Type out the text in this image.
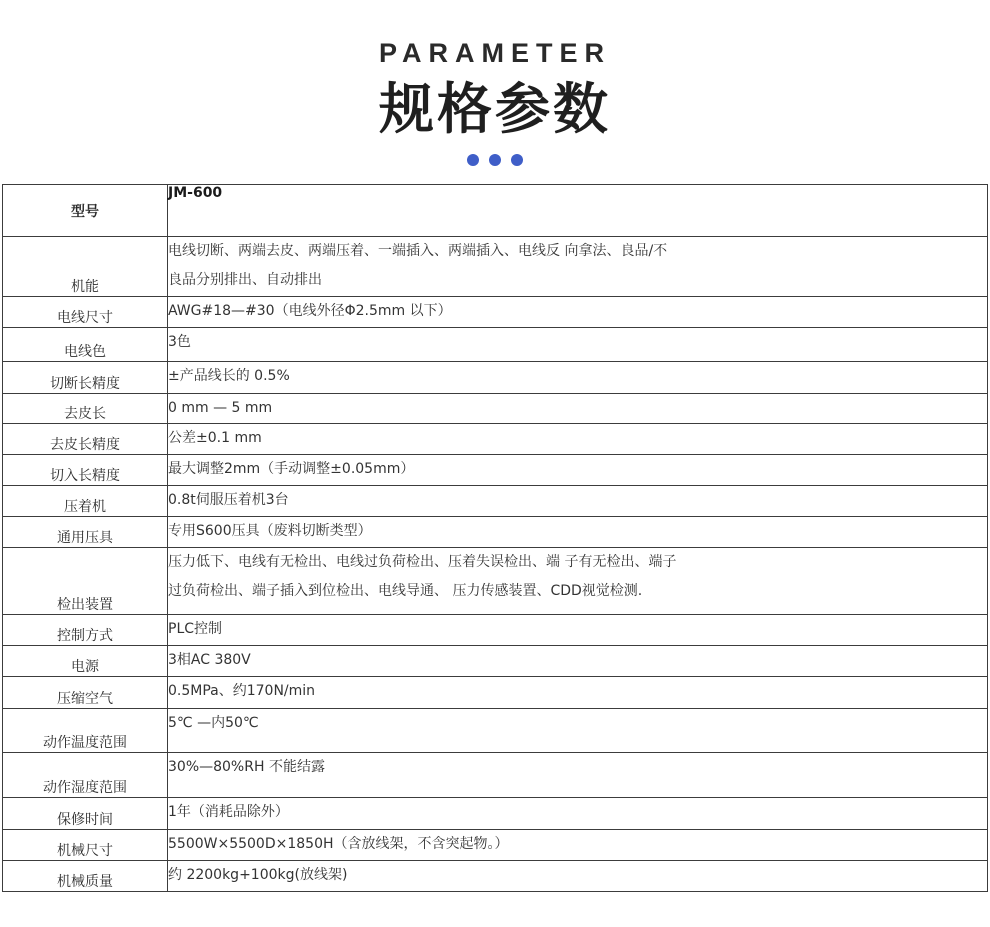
PARAMETER
规格参数
型号	JM-600
机能	电线切断、两端去皮、两端压着、一端插入、两端插入、电线反 向拿法、良品/不
良品分别排出、自动排出

电线尺寸	AWG#18—#30（电线外径Φ2.5mm 以下）

电线色	3色

切断长精度	±产品线长的 0.5%

去皮长	0 mm — 5 mm

去皮长精度	公差±0.1 mm

切入长精度	最大调整2mm（手动调整±0.05mm）

压着机	0.8t伺服压着机3台

通用压具	专用S600压具（废料切断类型）

检出装置	压力低下、电线有无检出、电线过负荷检出、压着失误检出、端 子有无检出、端子
过负荷检出、端子插入到位检出、电线导通、 压力传感装置、CDD视觉检测.

控制方式	PLC控制

电源	3相AC 380V

压缩空气	0.5MPa、约170N/min

动作温度范围	5℃ —内50℃

动作湿度范围	30%—80%RH 不能结露

保修时间	1年（消耗品除外）

机械尺寸	5500W×5500D×1850H（含放线架，不含突起物。）

机械质量	约 2200kg+100kg(放线架)
